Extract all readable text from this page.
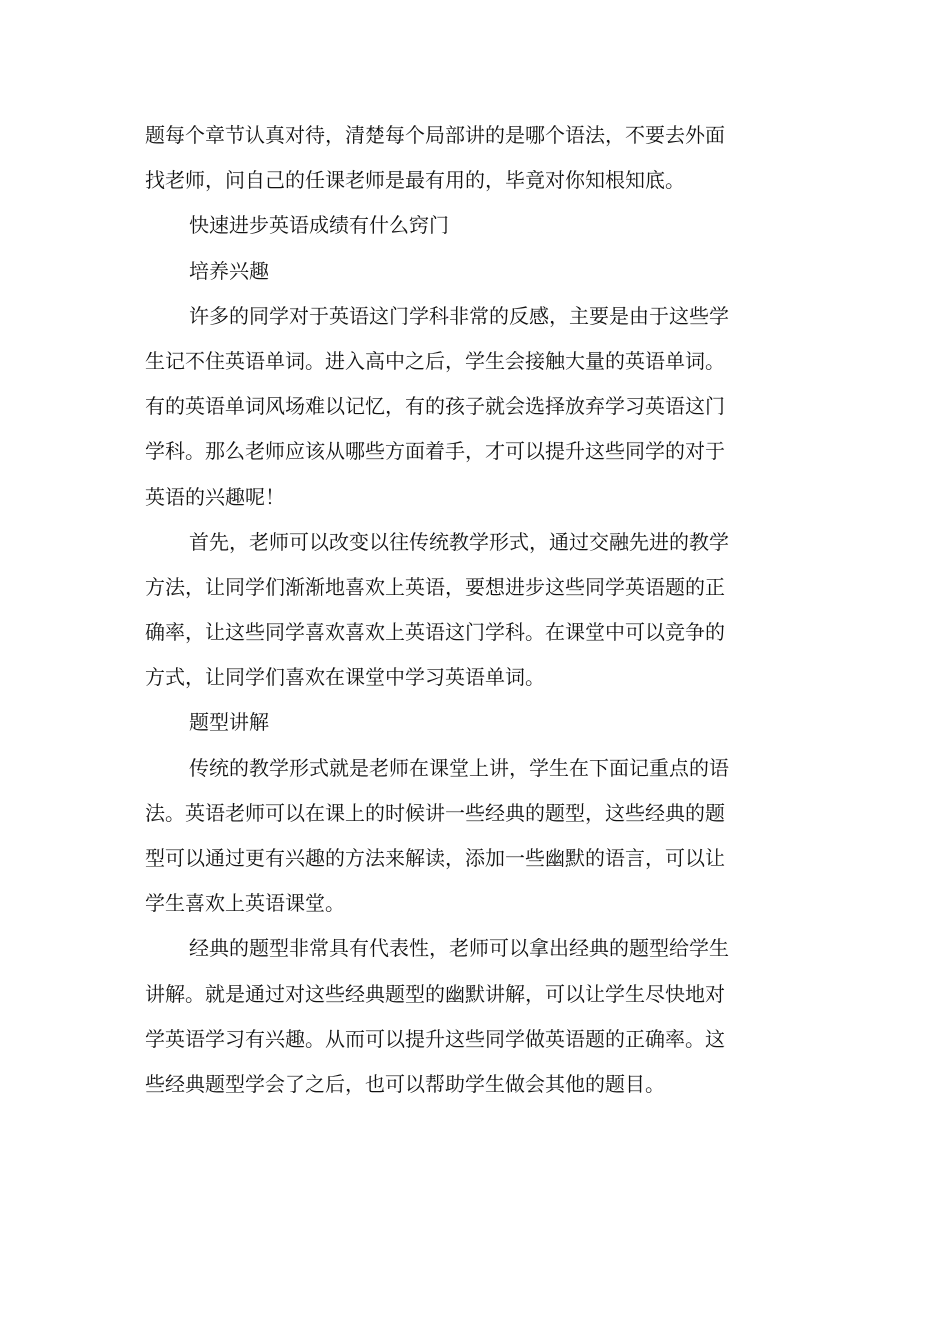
题每个章节认真对待，清楚每个局部讲的是哪个语法，不要去外面
找老师，问自己的任课老师是最有用的，毕竟对你知根知底。
快速进步英语成绩有什么窍门
培养兴趣
许多的同学对于英语这门学科非常的反感，主要是由于这些学
生记不住英语单词。进入高中之后，学生会接触大量的英语单词。
有的英语单词风场难以记忆，有的孩子就会选择放弃学习英语这门
学科。那么老师应该从哪些方面着手，才可以提升这些同学的对于
英语的兴趣呢！
首先，老师可以改变以往传统教学形式，通过交融先进的教学
方法，让同学们渐渐地喜欢上英语，要想进步这些同学英语题的正
确率，让这些同学喜欢喜欢上英语这门学科。在课堂中可以竞争的
方式，让同学们喜欢在课堂中学习英语单词。
题型讲解
传统的教学形式就是老师在课堂上讲，学生在下面记重点的语
法。英语老师可以在课上的时候讲一些经典的题型，这些经典的题
型可以通过更有兴趣的方法来解读，添加一些幽默的语言，可以让
学生喜欢上英语课堂。
经典的题型非常具有代表性，老师可以拿出经典的题型给学生
讲解。就是通过对这些经典题型的幽默讲解，可以让学生尽快地对
学英语学习有兴趣。从而可以提升这些同学做英语题的正确率。这
些经典题型学会了之后，也可以帮助学生做会其他的题目。
